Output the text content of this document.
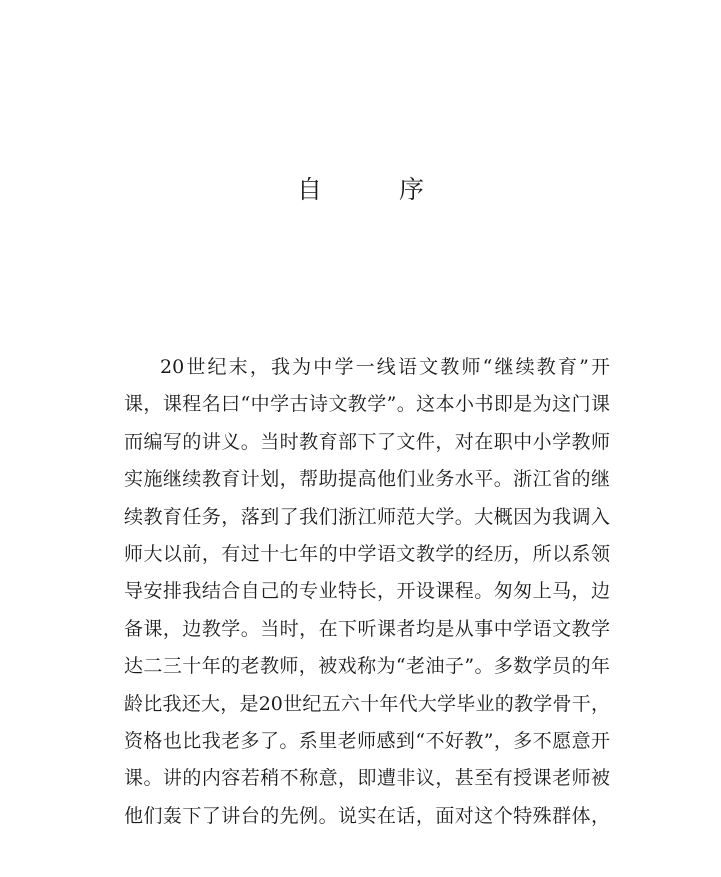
自　序
20世纪末，我为中学一线语文教师“继续教育”开
课，课程名曰“中学古诗文教学”。这本小书即是为这门课
而编写的讲义。当时教育部下了文件，对在职中小学教师
实施继续教育计划，帮助提高他们业务水平。浙江省的继
续教育任务，落到了我们浙江师范大学。大概因为我调入
师大以前，有过十七年的中学语文教学的经历，所以系领
导安排我结合自己的专业特长，开设课程。匆匆上马，边
备课，边教学。当时，在下听课者均是从事中学语文教学
达二三十年的老教师，被戏称为“老油子”。多数学员的年
龄比我还大，是20世纪五六十年代大学毕业的教学骨干，
资格也比我老多了。系里老师感到“不好教”，多不愿意开
课。讲的内容若稍不称意，即遭非议，甚至有授课老师被
他们轰下了讲台的先例。说实在话，面对这个特殊群体，
